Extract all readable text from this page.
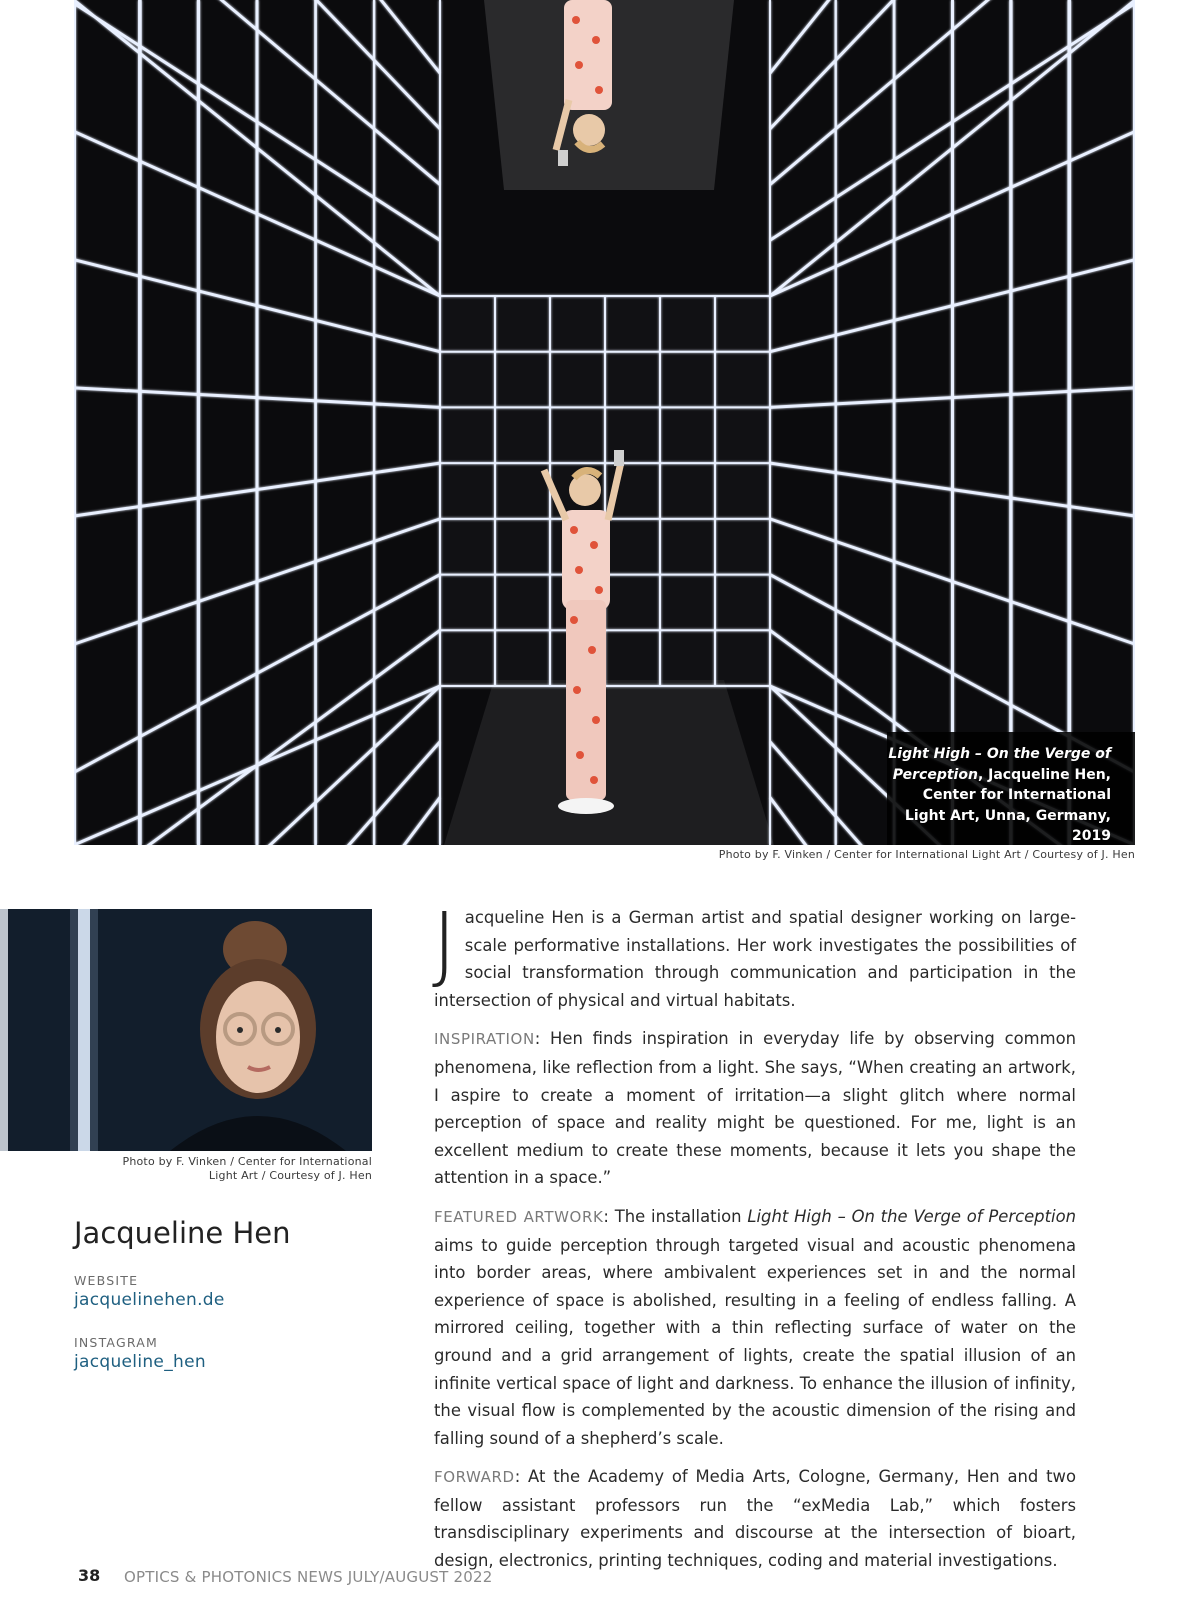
Light High – On the Verge of Perception, Jacqueline Hen, Center for International Light Art, Unna, Germany, 2019
Photo by F. Vinken / Center for International Light Art / Courtesy of J. Hen
Photo by F. Vinken / Center for International Light Art / Courtesy of J. Hen
Jacqueline Hen
WEBSITE
jacquelinehen.de
INSTAGRAM
jacqueline_hen

Jacqueline Hen is a German artist and spatial designer working on large-scale performative installations. Her work investigates the possibilities of social transformation through communication and participation in the intersection of physical and virtual habitats.

INSPIRATION: Hen finds inspiration in everyday life by observing common phenomena, like reflection from a light. She says, “When creating an artwork, I aspire to create a moment of irritation—a slight glitch where normal perception of space and reality might be questioned. For me, light is an excellent medium to create these moments, because it lets you shape the attention in a space.”

FEATURED ARTWORK: The installation Light High – On the Verge of Perception aims to guide perception through targeted visual and acoustic phenomena into border areas, where ambivalent experiences set in and the normal experience of space is abolished, resulting in a feeling of endless falling. A mirrored ceiling, together with a thin reflecting surface of water on the ground and a grid arrangement of lights, create the spatial illusion of an infinite vertical space of light and darkness. To enhance the illusion of infinity, the visual flow is complemented by the acoustic dimension of the rising and falling sound of a shepherd’s scale.

FORWARD: At the Academy of Media Arts, Cologne, Germany, Hen and two fellow assistant professors run the “exMedia Lab,” which fosters transdisciplinary experiments and discourse at the intersection of bioart, design, electronics, printing techniques, coding and material investigations.

38 OPTICS & PHOTONICS NEWS JULY/AUGUST 2022
